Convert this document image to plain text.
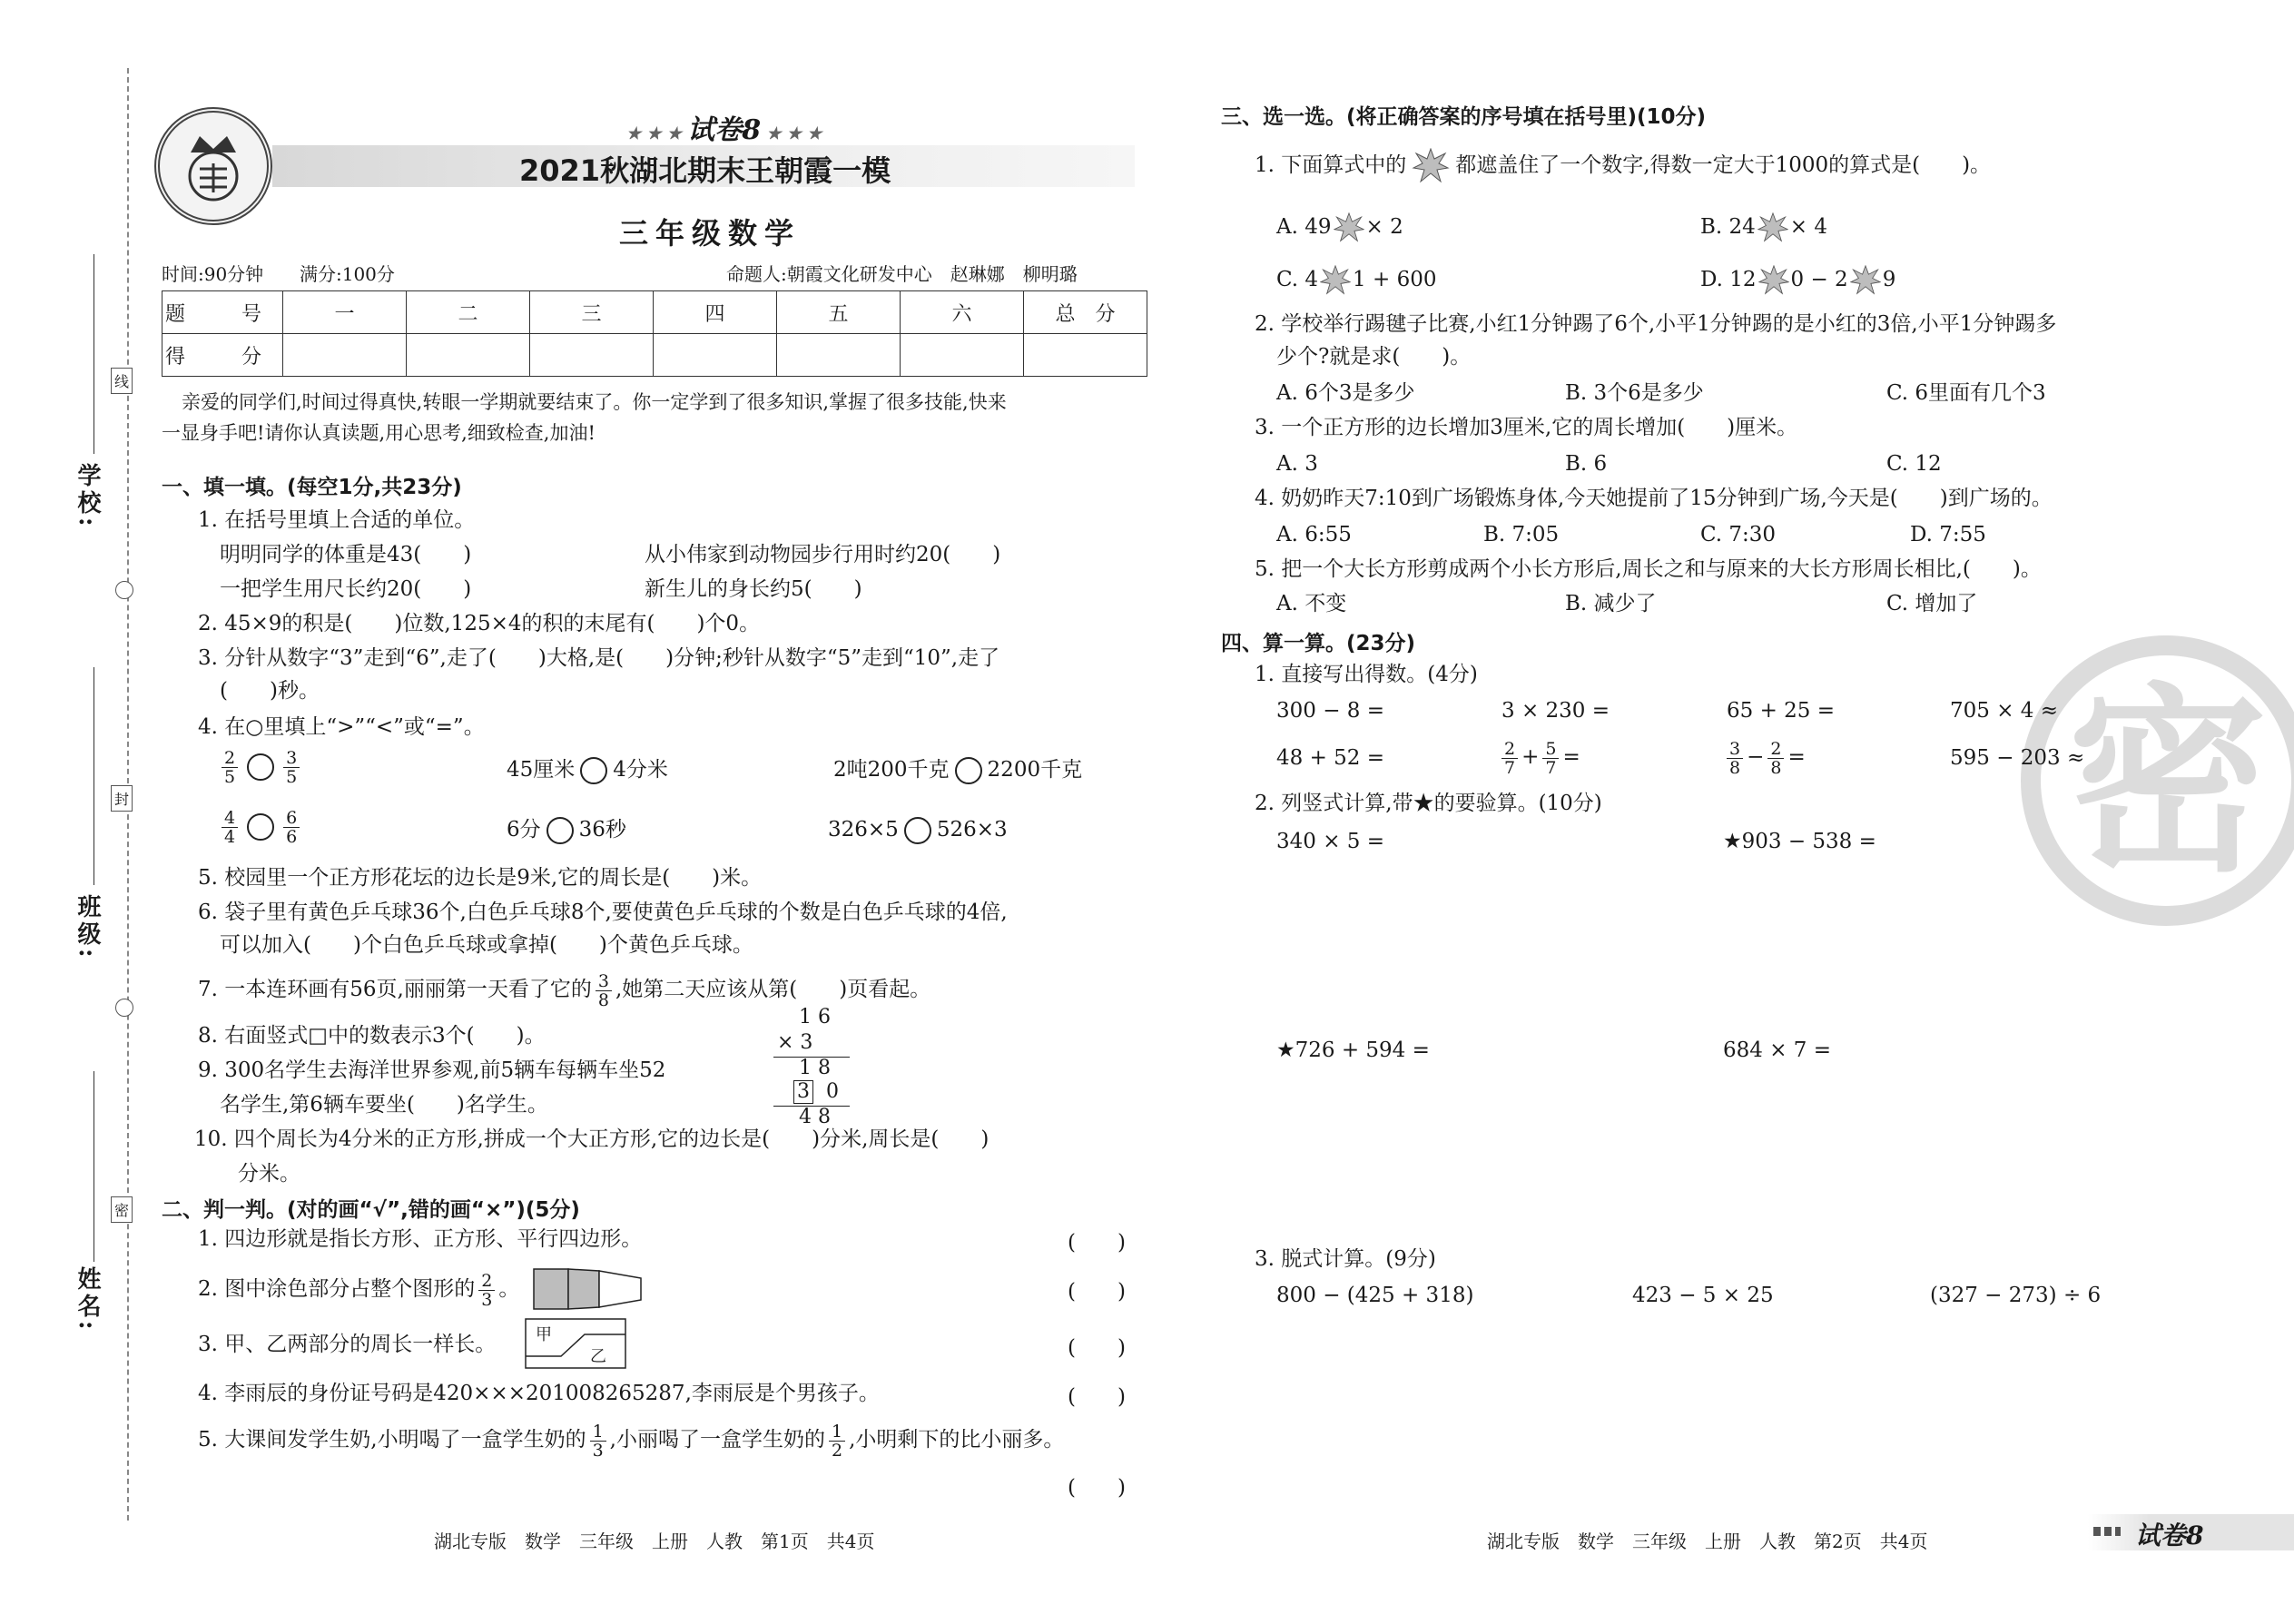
学校:
班级:
姓名:
线
封
密
★ ★ ★ 试卷8 ★ ★ ★
2021秋湖北期末王朝霞一模
三年级数学
时间:90分钟 满分:100分	命题人:朝霞文化研发中心　赵琳娜　柳明璐
题　号	一	二	三	四	五	六	总　分
得　分							
亲爱的同学们,时间过得真快,转眼一学期就要结束了。你一定学到了很多知识,掌握了很多技能,快来
一显身手吧!请你认真读题,用心思考,细致检查,加油!
一、填一填。(每空1分,共23分)
1. 在括号里填上合适的单位。
明明同学的体重是43(　　)	从小伟家到动物园步行用时约20(　　)
一把学生用尺长约20(　　)	新生儿的身长约5(　　)
2. 45×9的积是(　　)位数,125×4的积的末尾有(　　)个0。
3. 分针从数字“3”走到“6”,走了(　　)大格,是(　　)分钟;秒针从数字“5”走到“10”,走了
(　　)秒。
4. 在○里填上“>”“<”或“=”。
$\frac{2}{5}$	$\frac{3}{5}$	45厘米 4分米	2吨200千克 2200千克
$\frac{4}{4}$	$\frac{6}{6}$	6分 36秒	326×5 526×3
5. 校园里一个正方形花坛的边长是9米,它的周长是(　　)米。
6. 袋子里有黄色乒乓球36个,白色乒乓球8个,要使黄色乒乓球的个数是白色乒乓球的4倍,
可以加入(　　)个白色乒乓球或拿掉(　　)个黄色乒乓球。
7. 一本连环画有56页,丽丽第一天看了它的 $\frac{3}{8}$ ,她第二天应该从第(　　)页看起。
8. 右面竖式□中的数表示3个(　　)。
9. 300名学生去海洋世界参观,前5辆车每辆车坐52
名学生,第6辆车要坐(　　)名学生。
1 6
× 3
1 8
3 0
4 8
10. 四个周长为4分米的正方形,拼成一个大正方形,它的边长是(　　)分米,周长是(　　)
分米。
二、判一判。(对的画“√”,错的画“×”)(5分)
1. 四边形就是指长方形、正方形、平行四边形。	(　　)
2. 图中涂色部分占整个图形的 $\frac{2}{3}$ 。	(　　)
3. 甲、乙两部分的周长一样长。 甲
乙	(　　)
4. 李雨辰的身份证号码是420×××201008265287,李雨辰是个男孩子。	(　　)
5. 大课间发学生奶,小明喝了一盒学生奶的 $\frac{1}{3}$ ,小丽喝了一盒学生奶的 $\frac{1}{2}$ ,小明剩下的比小丽多。
(　　)
湖北专版　数学　三年级　上册　人教　第1页　共4页
密
三、选一选。(将正确答案的序号填在括号里)(10分)
1. 下面算式中的 都遮盖住了一个数字,得数一定大于1000的算式是(　　)。
A. 49 × 2	B. 24 × 4
C. 4 1 + 600	D. 12 0 − 2 9
2. 学校举行踢毽子比赛,小红1分钟踢了6个,小平1分钟踢的是小红的3倍,小平1分钟踢多
少个?就是求(　　)。
A. 6个3是多少	B. 3个6是多少	C. 6里面有几个3
3. 一个正方形的边长增加3厘米,它的周长增加(　　)厘米。
A. 3	B. 6	C. 12
4. 奶奶昨天7:10到广场锻炼身体,今天她提前了15分钟到广场,今天是(　　)到广场的。
A. 6:55	B. 7:05	C. 7:30	D. 7:55
5. 把一个大长方形剪成两个小长方形后,周长之和与原来的大长方形周长相比,(　　)。
A. 不变	B. 减少了	C. 增加了
四、算一算。(23分)
1. 直接写出得数。(4分)
300 − 8 =	3 × 230 =	65 + 25 =	705 × 4 ≈
48 + 52 =	$\frac{2}{7} + \frac{5}{7}$ =	$\frac{3}{8} - \frac{2}{8}$ =	595 − 203 ≈
2. 列竖式计算,带★的要验算。(10分)
340 × 5 =	★903 − 538 =
★726 + 594 =	684 × 7 =
3. 脱式计算。(9分)
800 − (425 + 318)	423 − 5 × 25	(327 − 273) ÷ 6
湖北专版　数学　三年级　上册　人教　第2页　共4页	试卷8
